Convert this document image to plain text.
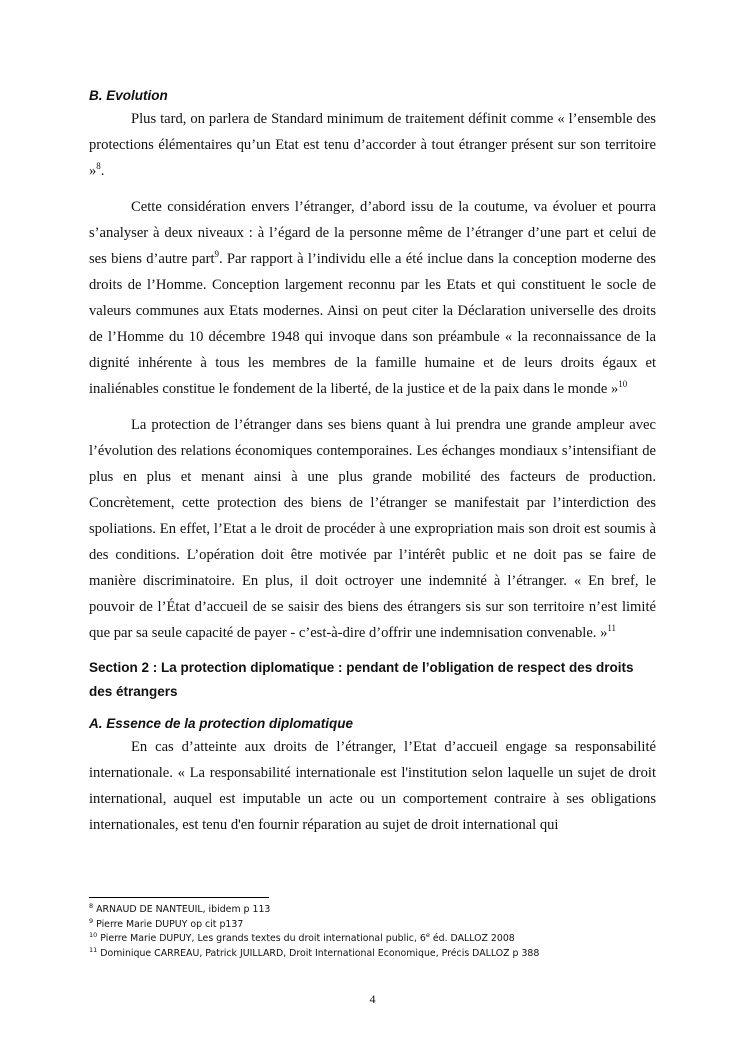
B. Evolution

Plus tard, on parlera de Standard minimum de traitement définit comme « l’ensemble des protections élémentaires qu’un Etat est tenu d’accorder à tout étranger présent sur son territoire »$^8$.

Cette considération envers l’étranger, d’abord issu de la coutume, va évoluer et pourra s’analyser à deux niveaux : à l’égard de la personne même de l’étranger d’une part et celui de ses biens d’autre part$^9$. Par rapport à l’individu elle a été inclue dans la conception moderne des droits de l’Homme. Conception largement reconnu par les Etats et qui constituent le socle de valeurs communes aux Etats modernes. Ainsi on peut citer la Déclaration universelle des droits de l’Homme du 10 décembre 1948 qui invoque dans son préambule « la reconnaissance de la dignité inhérente à tous les membres de la famille humaine et de leurs droits égaux et inaliénables constitue le fondement de la liberté, de la justice et de la paix dans le monde »$^{10}$

La protection de l’étranger dans ses biens quant à lui prendra une grande ampleur avec l’évolution des relations économiques contemporaines. Les échanges mondiaux s’intensifiant de plus en plus et menant ainsi à une plus grande mobilité des facteurs de production. Concrètement, cette protection des biens de l’étranger se manifestait par l’interdiction des spoliations. En effet, l’Etat a le droit de procéder à une expropriation mais son droit est soumis à des conditions. L’opération doit être motivée par l’intérêt public et ne doit pas se faire de manière discriminatoire. En plus, il doit octroyer une indemnité à l’étranger. « En bref, le pouvoir de l’État d’accueil de se saisir des biens des étrangers sis sur son territoire n’est limité que par sa seule capacité de payer - c’est-à-dire d’offrir une indemnisation convenable. »$^{11}$

Section 2 : La protection diplomatique : pendant de l’obligation de respect des droits des étrangers

A. Essence de la protection diplomatique

En cas d’atteinte aux droits de l’étranger, l’Etat d’accueil engage sa responsabilité internationale. « La responsabilité internationale est l'institution selon laquelle un sujet de droit international, auquel est imputable un acte ou un comportement contraire à ses obligations internationales, est tenu d'en fournir réparation au sujet de droit international qui

$^8$ ARNAUD DE NANTEUIL, ibidem p 113

$^9$ Pierre Marie DUPUY op cit p137

$^{10}$ Pierre Marie DUPUY, Les grands textes du droit international public, 6e éd. DALLOZ 2008

$^{11}$ Dominique CARREAU, Patrick JUILLARD, Droit International Economique, Précis DALLOZ p 388

4
